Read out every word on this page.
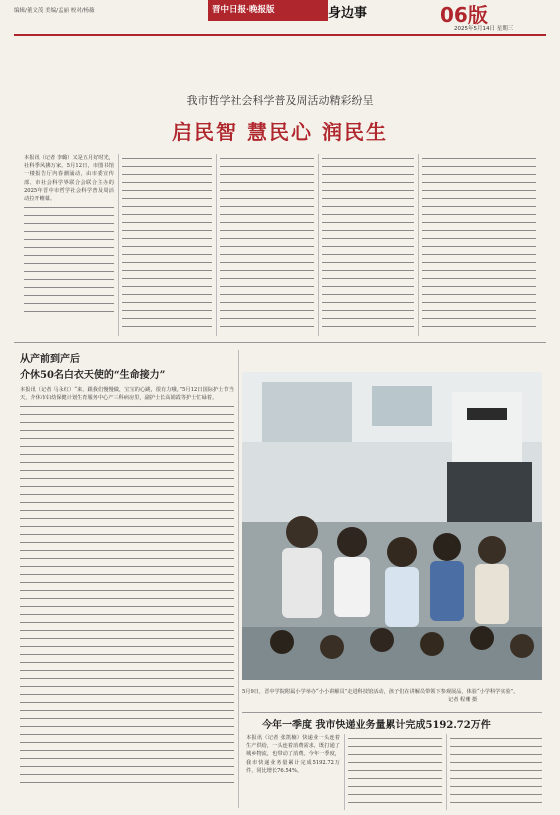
编辑/董文茂 美编/孟丽 校对/杨薇	晋中日报·晚报版	身边事	06版
2025年5月14日 星期三
我市哲学社会科学普及周活动精彩纷呈
启民智 慧民心 润民生
本报讯（记者 李璐）又是五月好时光，社科季风拂万家。5月12日，市图书馆一楼报告厅内春潮涌动，由市委宣传部、市社会科学界联合会联合主办的2025年晋中市哲学社会科学普及周活动拉开帷幕。
从产前到产后
介休50名白衣天使的“生命接力”
本报讯（记者 马永红）“来，跟我们慢慢做，宝宝的心跳，很有力哦。”5月12日国际护士节当天，介休市妇幼保健计划生育服务中心产三科病房里，副护士长高娟霞等护士忙碌着。
5月9日，晋中学院附属小学举办“小小讲解员”走进科技馆活动，孩子们在讲解员带领下参观展品，体验“小学科学实验”。
记者 程珊 摄
今年一季度 我市快递业务量累计完成5192.72万件
本报讯（记者 张凯楠）快递业一头连着生产供给，一头连着消费需求，既打通了城乡物流，也带动了消费。今年一季度，我市快递业务量累计完成5192.72万件，同比增长76.54%。
